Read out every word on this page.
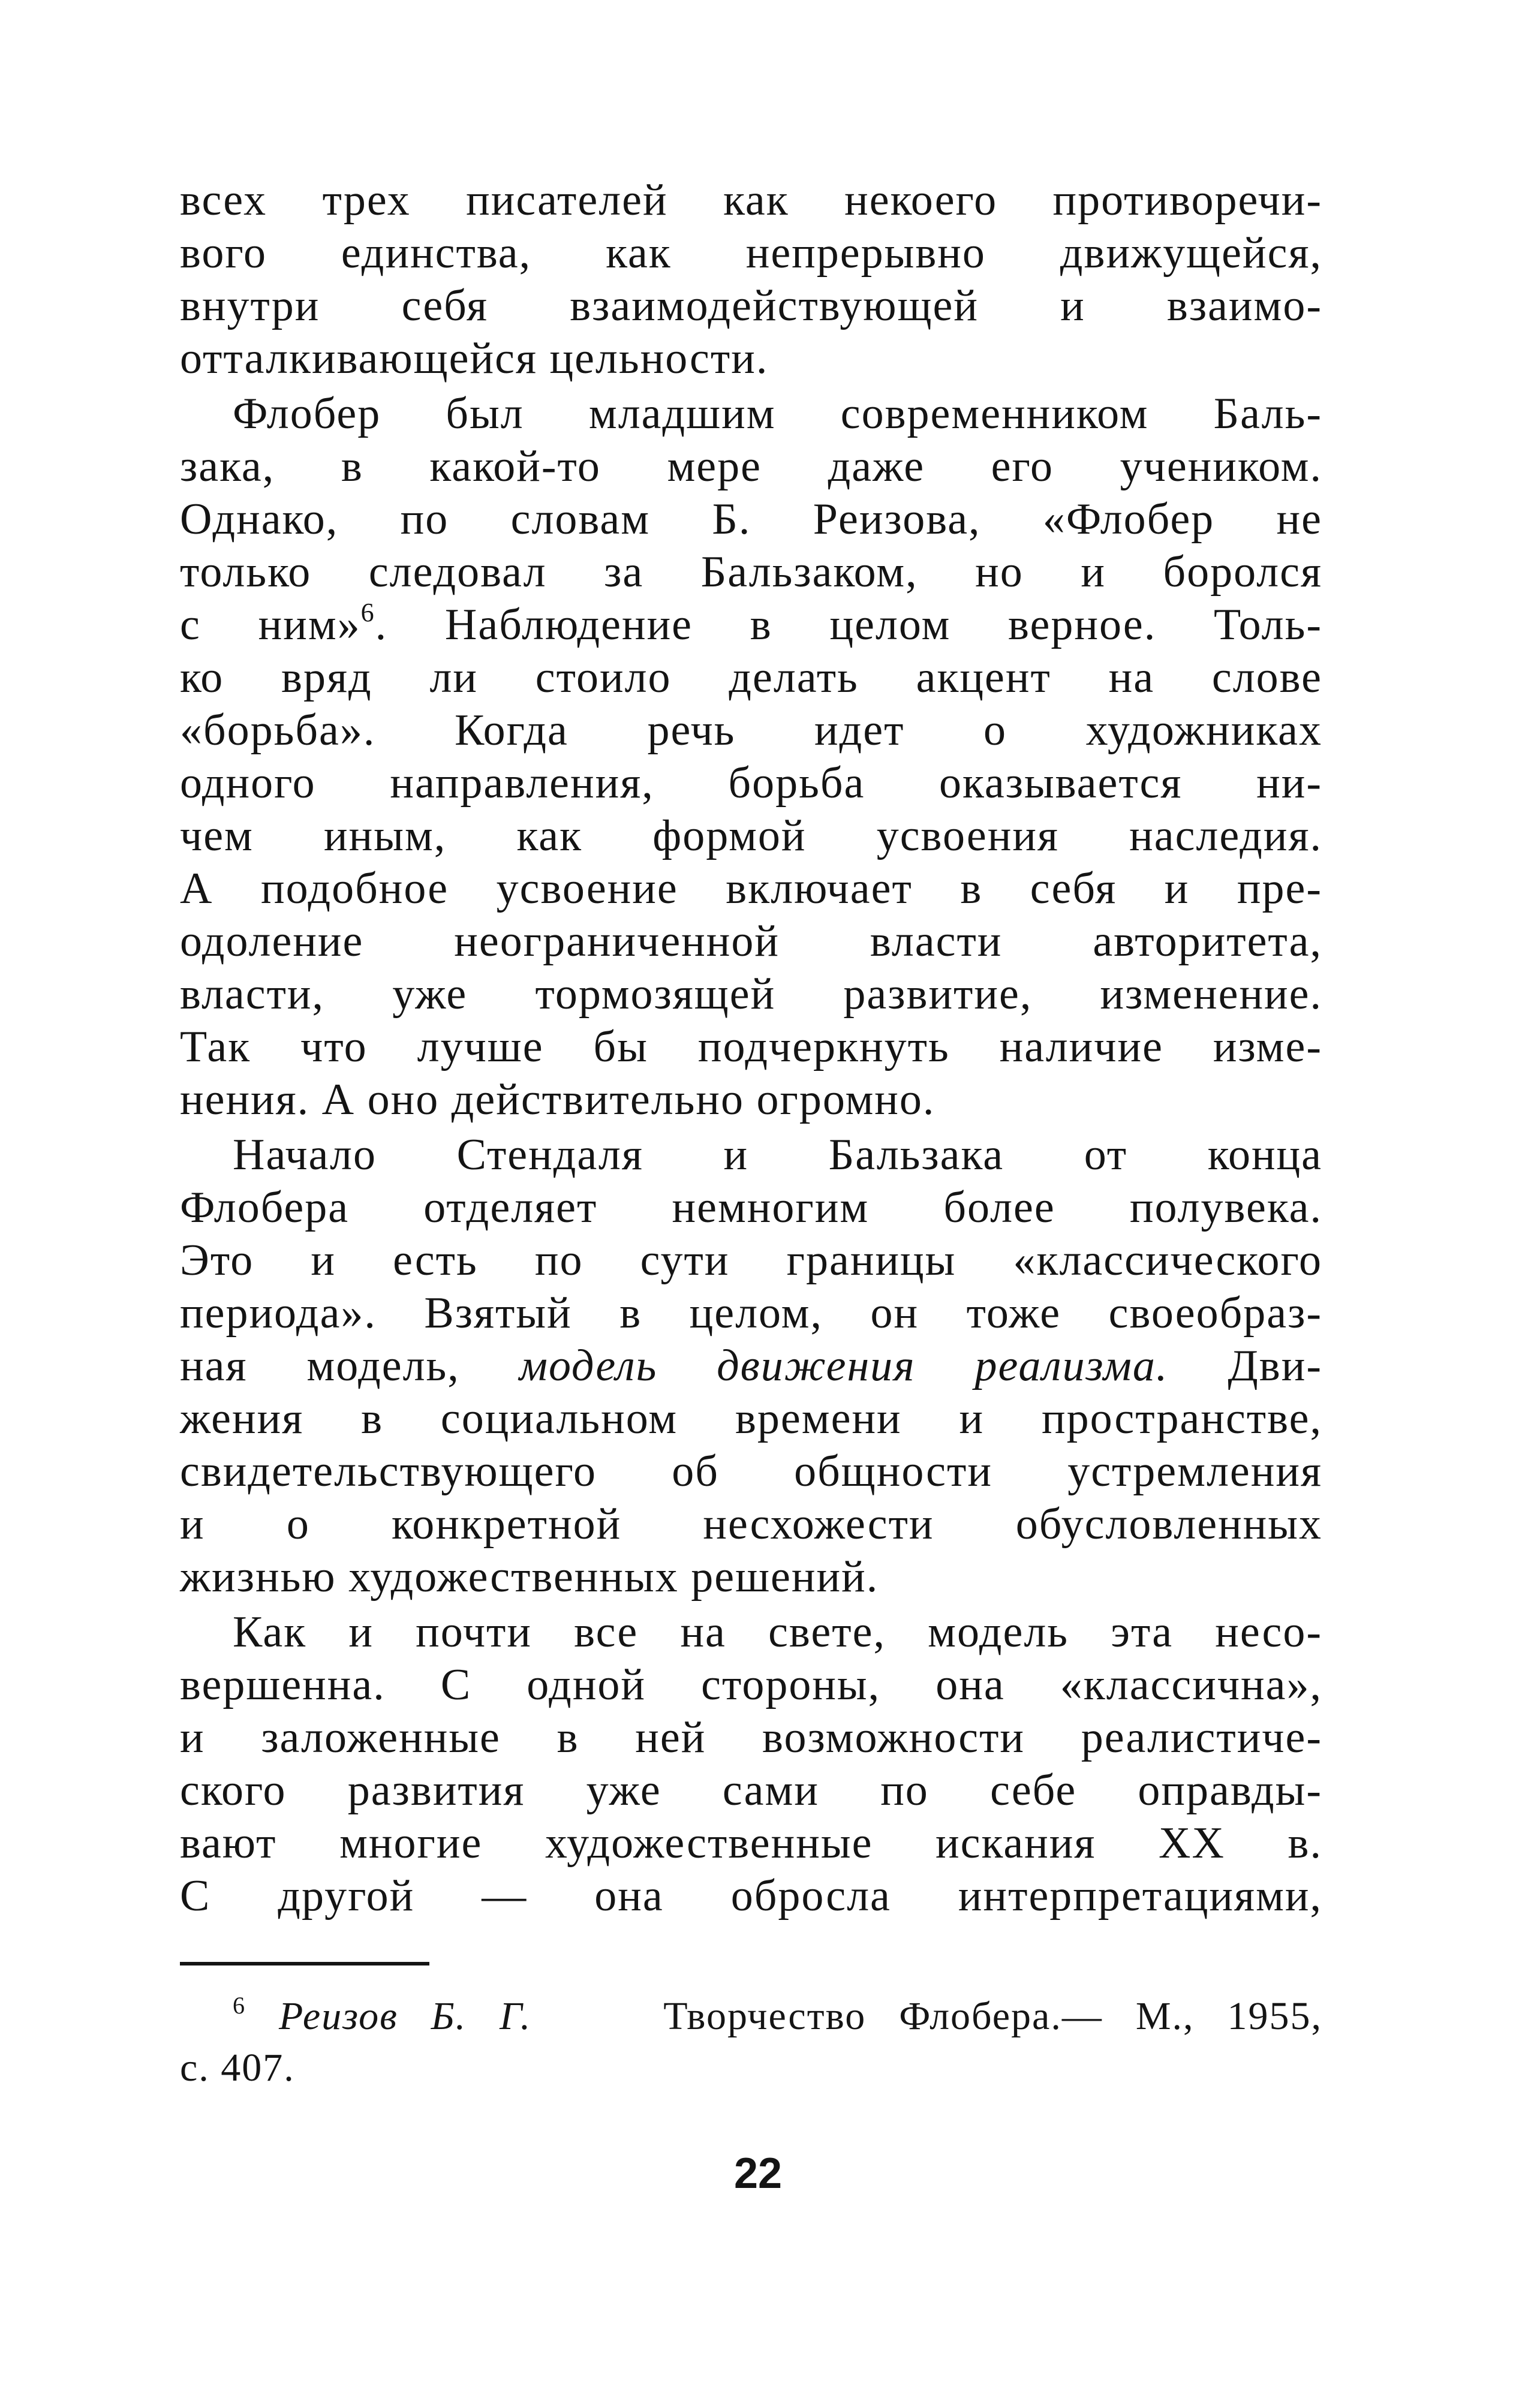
всех трех писателей как некоего противоречи-
вого единства, как непрерывно движущейся,
внутри себя взаимодействующей и взаимо-
отталкивающейся цельности.
Флобер был младшим современником Баль-
зака, в какой-то мере даже его учеником.
Однако, по словам Б. Реизова, «Флобер не
только следовал за Бальзаком, но и боролся
с ним»$^6$. Наблюдение в целом верное. Толь-
ко вряд ли стоило делать акцент на слове
«борьба». Когда речь идет о художниках
одного направления, борьба оказывается ни-
чем иным, как формой усвоения наследия.
А подобное усвоение включает в себя и пре-
одоление неограниченной власти авторитета,
власти, уже тормозящей развитие, изменение.
Так что лучше бы подчеркнуть наличие изме-
нения. А оно действительно огромно.
Начало Стендаля и Бальзака от конца
Флобера отделяет немногим более полувека.
Это и есть по сути границы «классического
периода». Взятый в целом, он тоже своеобраз-
ная модель, модель движения реализма. Дви-
жения в социальном времени и пространстве,
свидетельствующего об общности устремления
и о конкретной несхожести обусловленных
жизнью художественных решений.
Как и почти все на свете, модель эта несо-
вершенна. С одной стороны, она «классична»,
и заложенные в ней возможности реалистиче-
ского развития уже сами по себе оправды-
вают многие художественные искания XX в.
С другой — она обросла интерпретациями,
$^6$ Реизов Б. Г.	Творчество Флобера.— М., 1955,
с. 407.
22
